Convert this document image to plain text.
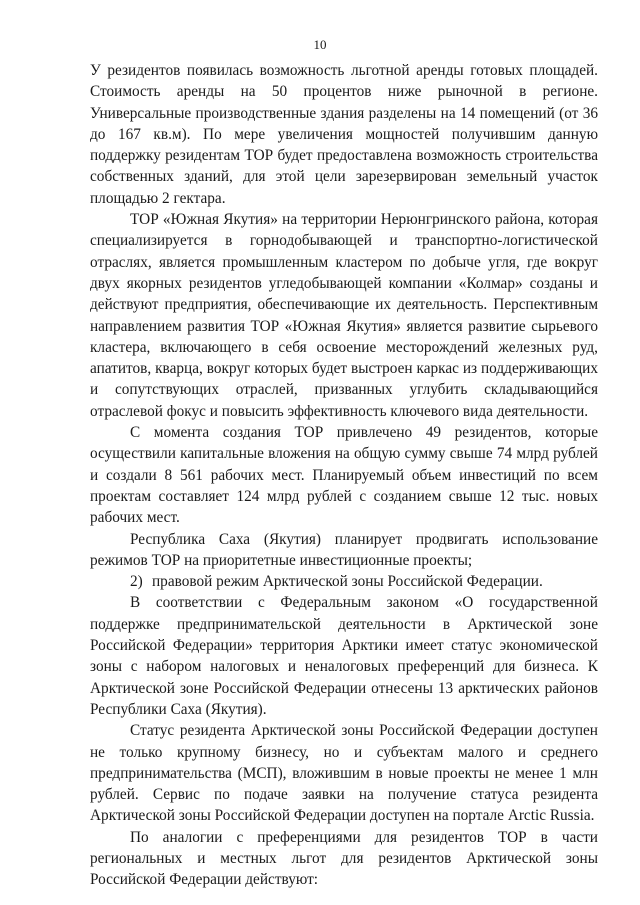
10

У резидентов появилась возможность льготной аренды готовых площадей. Стоимость аренды на 50 процентов ниже рыночной в регионе. Универсальные производственные здания разделены на 14 помещений (от 36 до 167 кв.м). По мере увеличения мощностей получившим данную поддержку резидентам ТОР будет предоставлена возможность строительства собственных зданий, для этой цели зарезервирован земельный участок площадью 2 гектара.

ТОР «Южная Якутия» на территории Нерюнгринского района, которая специализируется в горнодобывающей и транспортно-логистической отраслях, является промышленным кластером по добыче угля, где вокруг двух якорных резидентов угледобывающей компании «Колмар» созданы и действуют предприятия, обеспечивающие их деятельность. Перспективным направлением развития ТОР «Южная Якутия» является развитие сырьевого кластера, включающего в себя освоение месторождений железных руд, апатитов, кварца, вокруг которых будет выстроен каркас из поддерживающих и сопутствующих отраслей, призванных углубить складывающийся отраслевой фокус и повысить эффективность ключевого вида деятельности.

С момента создания ТОР привлечено 49 резидентов, которые осуществили капитальные вложения на общую сумму свыше 74 млрд рублей и создали 8 561 рабочих мест. Планируемый объем инвестиций по всем проектам составляет 124 млрд рублей с созданием свыше 12 тыс. новых рабочих мест.

Республика Саха (Якутия) планирует продвигать использование режимов ТОР на приоритетные инвестиционные проекты;

2) правовой режим Арктической зоны Российской Федерации.

В соответствии с Федеральным законом «О государственной поддержке предпринимательской деятельности в Арктической зоне Российской Федерации» территория Арктики имеет статус экономической зоны с набором налоговых и неналоговых преференций для бизнеса. К Арктической зоне Российской Федерации отнесены 13 арктических районов Республики Саха (Якутия).

Статус резидента Арктической зоны Российской Федерации доступен не только крупному бизнесу, но и субъектам малого и среднего предпринимательства (МСП), вложившим в новые проекты не менее 1 млн рублей. Сервис по подаче заявки на получение статуса резидента Арктической зоны Российской Федерации доступен на портале Arctic Russia.

По аналогии с преференциями для резидентов ТОР в части региональных и местных льгот для резидентов Арктической зоны Российской Федерации действуют:
